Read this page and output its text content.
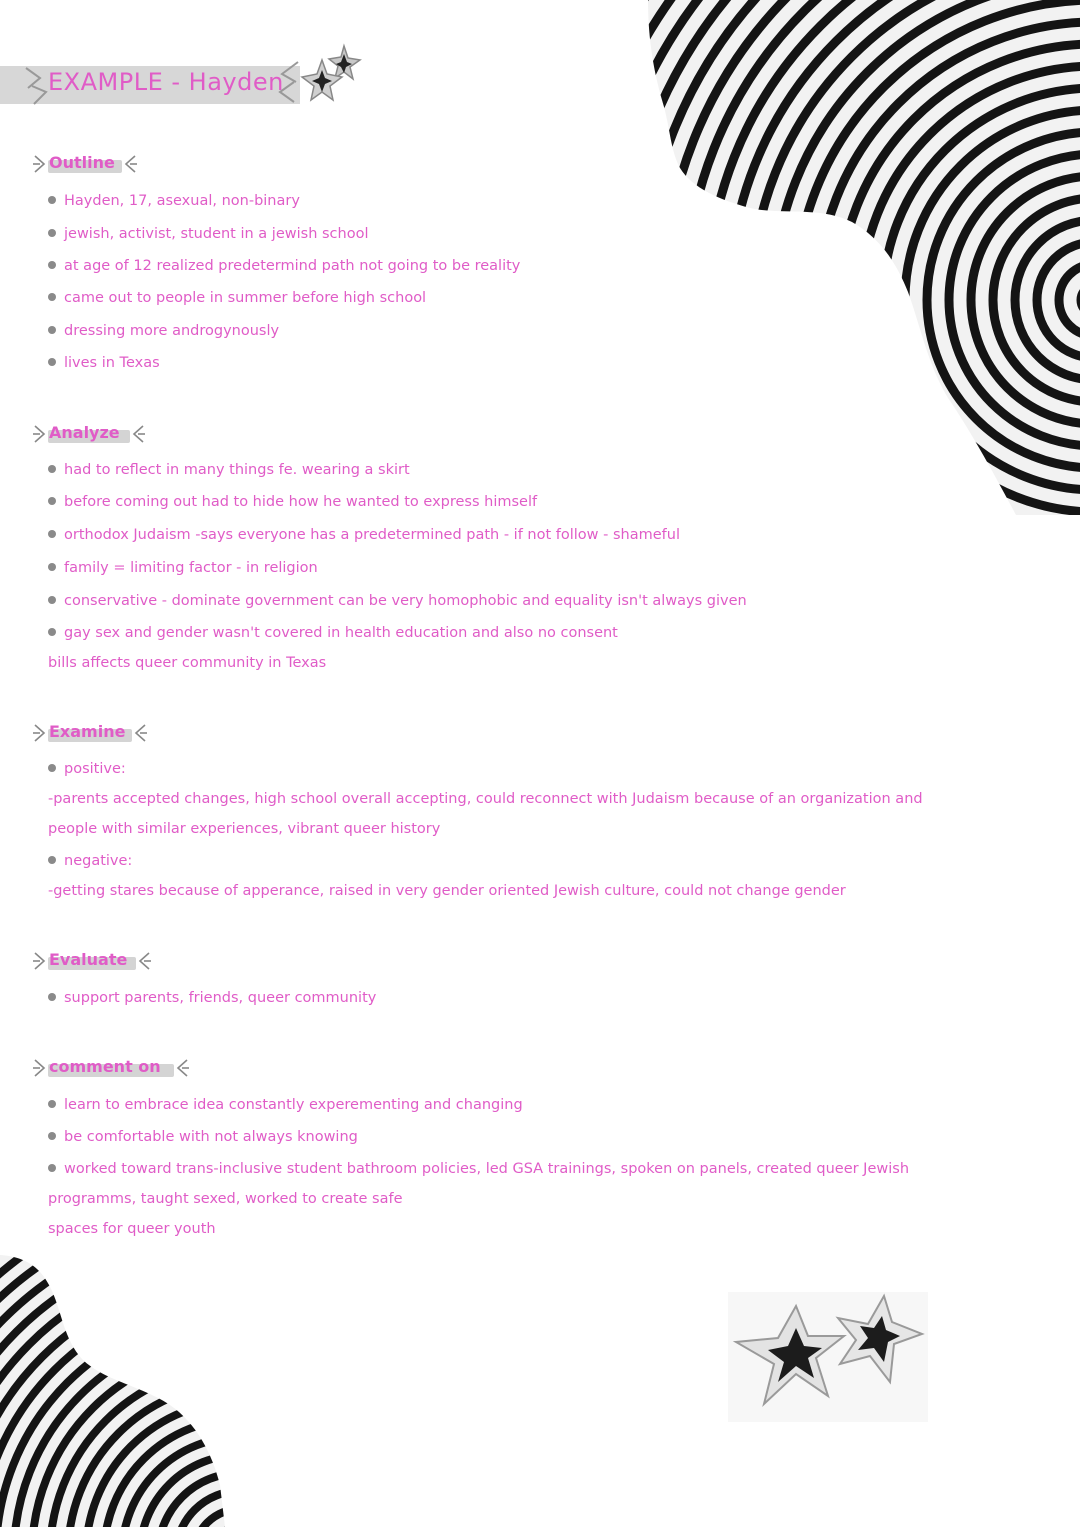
EXAMPLE - Hayden
Outline
Hayden, 17, asexual, non-binary
jewish, activist, student in a jewish school
at age of 12 realized predetermind path not going to be reality
came out to people in summer before high school
dressing more androgynously
lives in Texas
Analyze
had to reflect in many things fe. wearing a skirt
before coming out had to hide how he wanted to express himself
orthodox Judaism -says everyone has a predetermined path - if not follow - shameful
family = limiting factor - in religion
conservative - dominate government can be very homophobic and equality isn't always given
gay sex and gender wasn't covered in health education and also no consent
bills affects queer community in Texas
Examine
positive:
-parents accepted changes, high school overall accepting, could reconnect with Judaism because of an organization and
people with similar experiences, vibrant queer history
negative:
-getting stares because of apperance, raised in very gender oriented Jewish culture, could not change gender
Evaluate
support parents, friends, queer community
comment on
learn to embrace idea constantly experementing and changing
be comfortable with not always knowing
worked toward trans-inclusive student bathroom policies, led GSA trainings, spoken on panels, created queer Jewish
programms, taught sexed, worked to create safe
spaces for queer youth
